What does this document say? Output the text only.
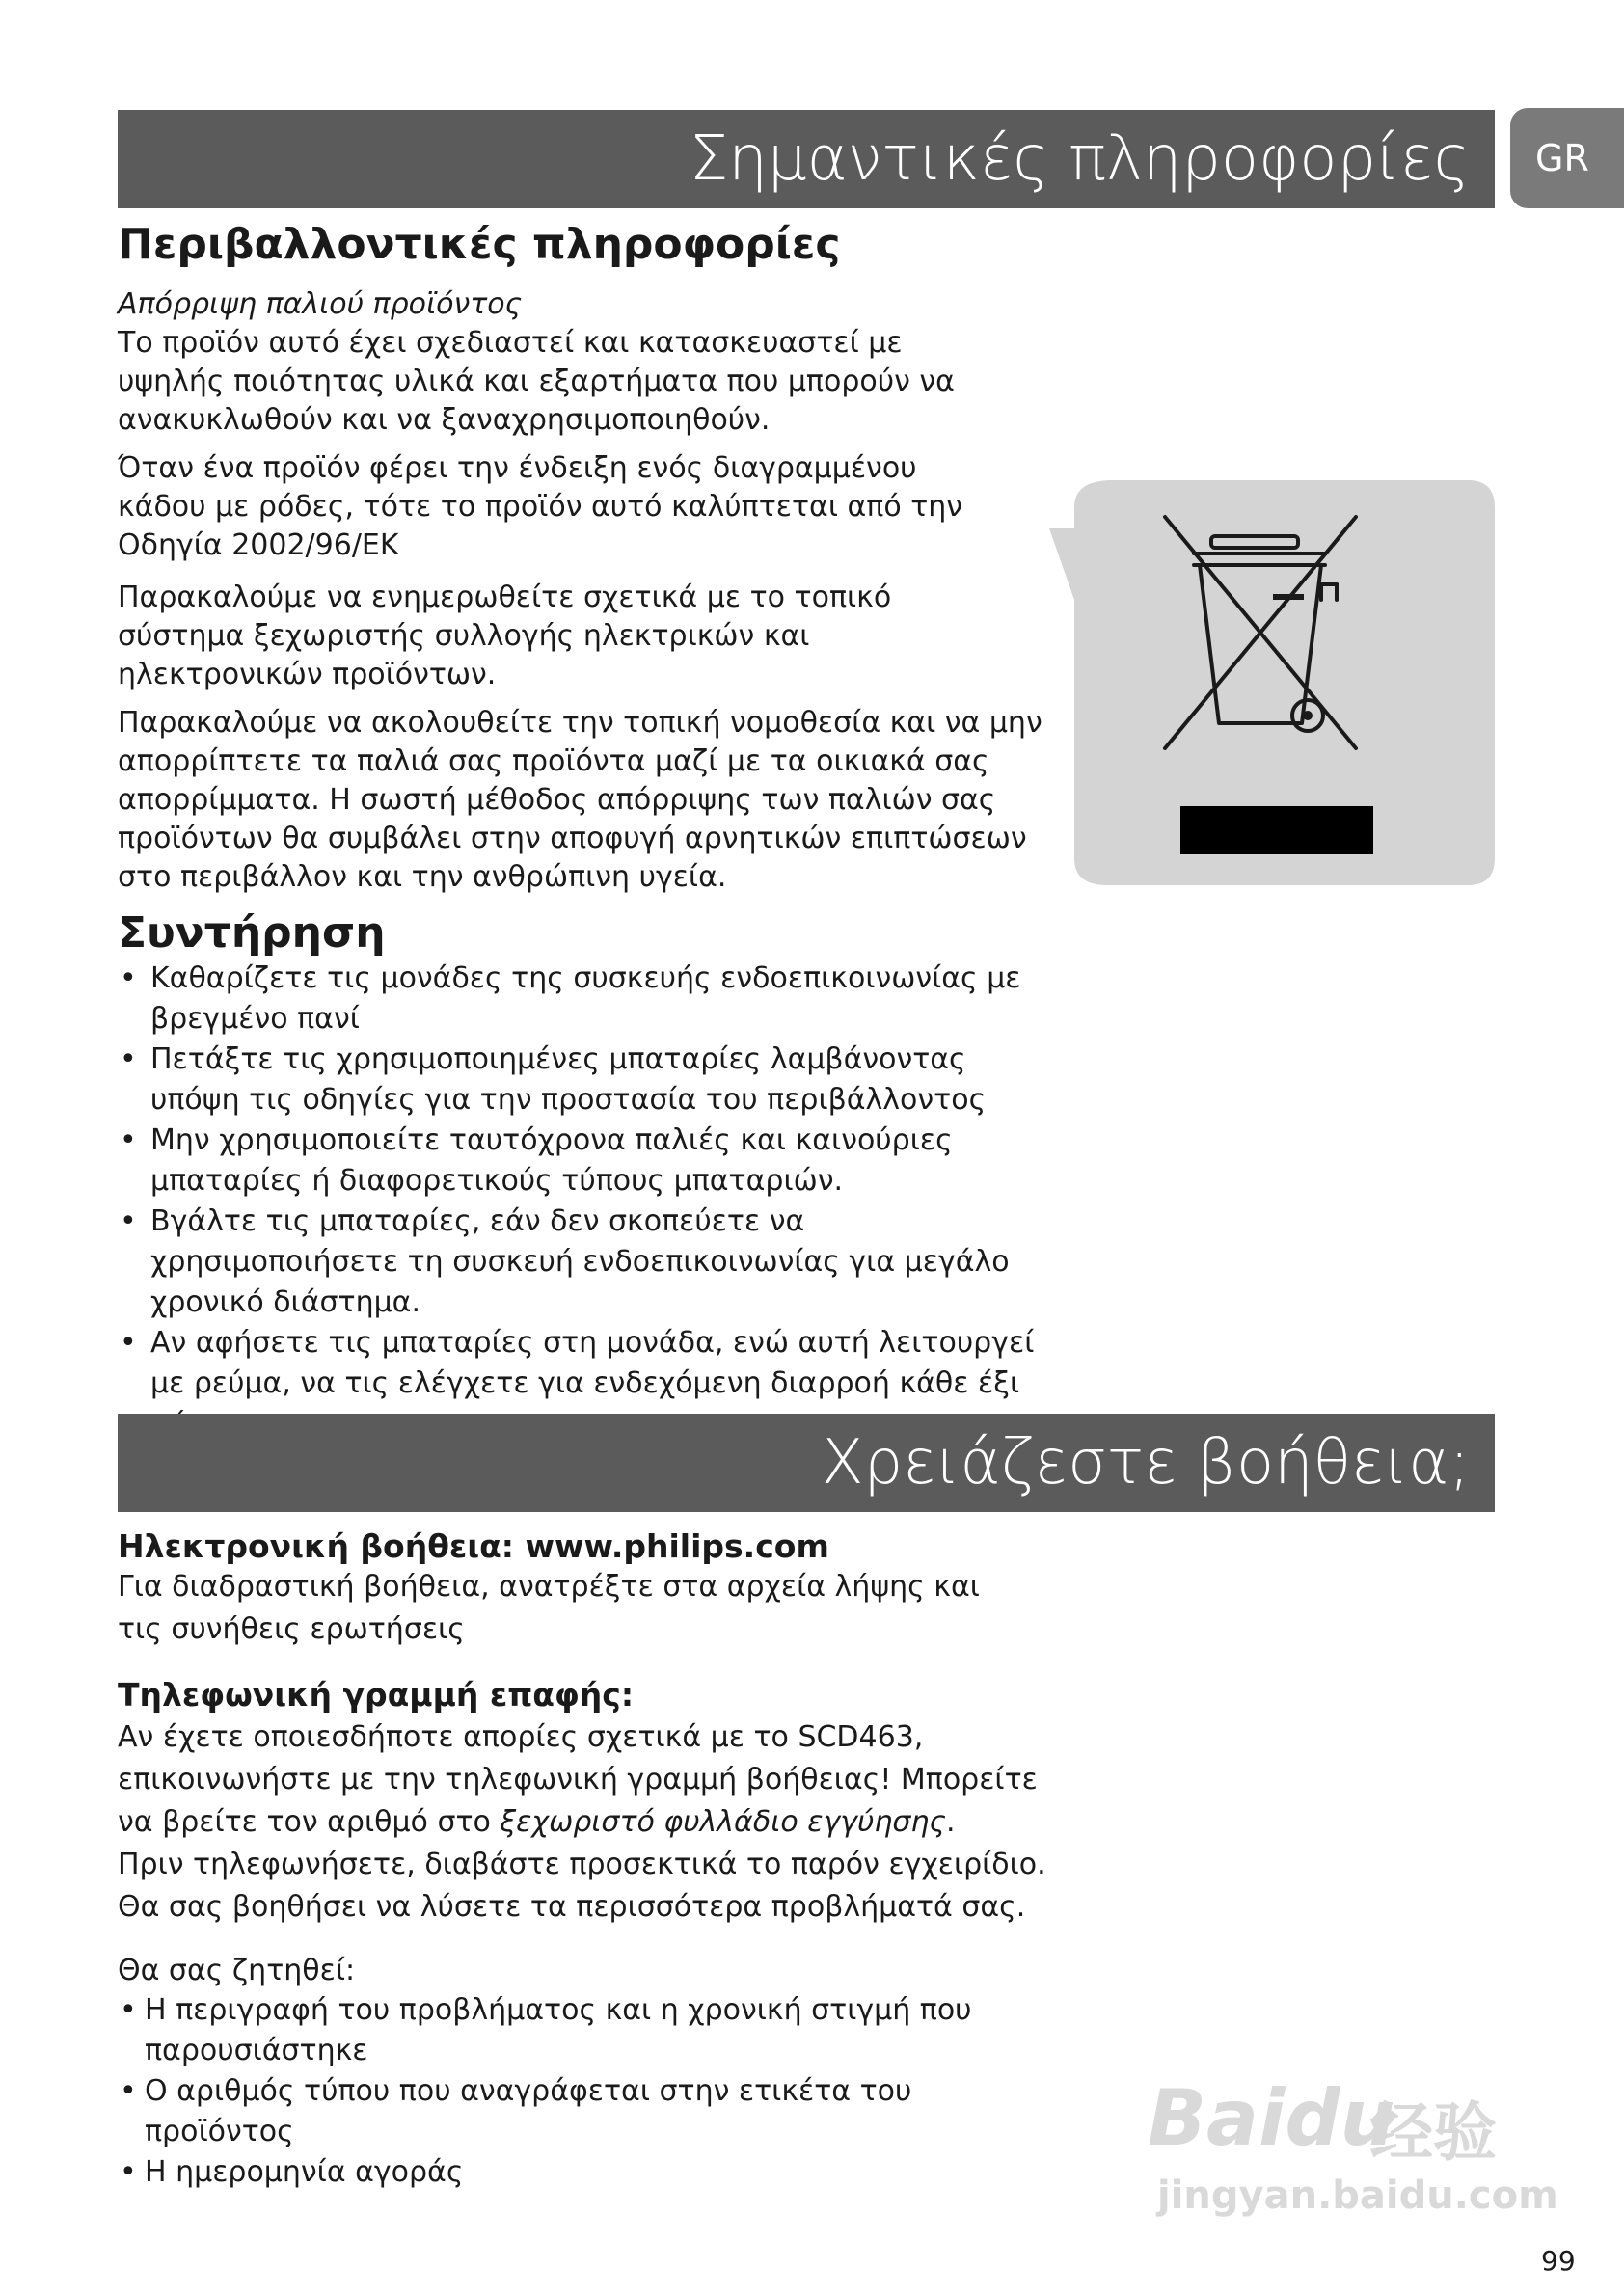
Σημαντικές πληροφορίες	GR
Περιβαλλοντικές πληροφορίες
Απόρριψη παλιού προϊόντος

Το προϊόν αυτό έχει σχεδιαστεί και κατασκευαστεί με υψηλής ποιότητας υλικά και εξαρτήματα που μπορούν να ανακυκλωθούν και να ξαναχρησιμοποιηθούν.

Όταν ένα προϊόν φέρει την ένδειξη ενός διαγραμμένου κάδου με ρόδες, τότε το προϊόν αυτό καλύπτεται από την Οδηγία 2002/96/ΕΚ

Παρακαλούμε να ενημερωθείτε σχετικά με το τοπικό σύστημα ξεχωριστής συλλογής ηλεκτρικών και ηλεκτρονικών προϊόντων.

Παρακαλούμε να ακολουθείτε την τοπική νομοθεσία και να μην απορρίπτετε τα παλιά σας προϊόντα μαζί με τα οικιακά σας απορρίμματα. Η σωστή μέθοδος απόρριψης των παλιών σας προϊόντων θα συμβάλει στην αποφυγή αρνητικών επιπτώσεων στο περιβάλλον και την ανθρώπινη υγεία.

Συντήρηση
• Καθαρίζετε τις μονάδες της συσκευής ενδοεπικοινωνίας με βρεγμένο πανί
• Πετάξτε τις χρησιμοποιημένες μπαταρίες λαμβάνοντας υπόψη τις οδηγίες για την προστασία του περιβάλλοντος
• Μην χρησιμοποιείτε ταυτόχρονα παλιές και καινούριες μπαταρίες ή διαφορετικούς τύπους μπαταριών.
• Βγάλτε τις μπαταρίες, εάν δεν σκοπεύετε να χρησιμοποιήσετε τη συσκευή ενδοεπικοινωνίας για μεγάλο χρονικό διάστημα.
• Αν αφήσετε τις μπαταρίες στη μονάδα, ενώ αυτή λειτουργεί με ρεύμα, να τις ελέγχετε για ενδεχόμενη διαρροή κάθε έξι
Χρειάζεστε βοήθεια;
Ηλεκτρονική βοήθεια: www.philips.com

Για διαδραστική βοήθεια, ανατρέξτε στα αρχεία λήψης και τις συνήθεις ερωτήσεις

Τηλεφωνική γραμμή επαφής:

Αν έχετε οποιεσδήποτε απορίες σχετικά με το SCD463, επικοινωνήστε με την τηλεφωνική γραμμή βοήθειας! Μπορείτε να βρείτε τον αριθμό στο ξεχωριστό φυλλάδιο εγγύησης.

Πριν τηλεφωνήσετε, διαβάστε προσεκτικά το παρόν εγχειρίδιο. Θα σας βοηθήσει να λύσετε τα περισσότερα προβλήματά σας.

Θα σας ζητηθεί:
• Η περιγραφή του προβλήματος και η χρονική στιγμή που παρουσιάστηκε
• Ο αριθμός τύπου που αναγράφεται στην ετικέτα του προϊόντος
• Η ημερομηνία αγοράς
Baidu
经验
jingyan.baidu.com
99
